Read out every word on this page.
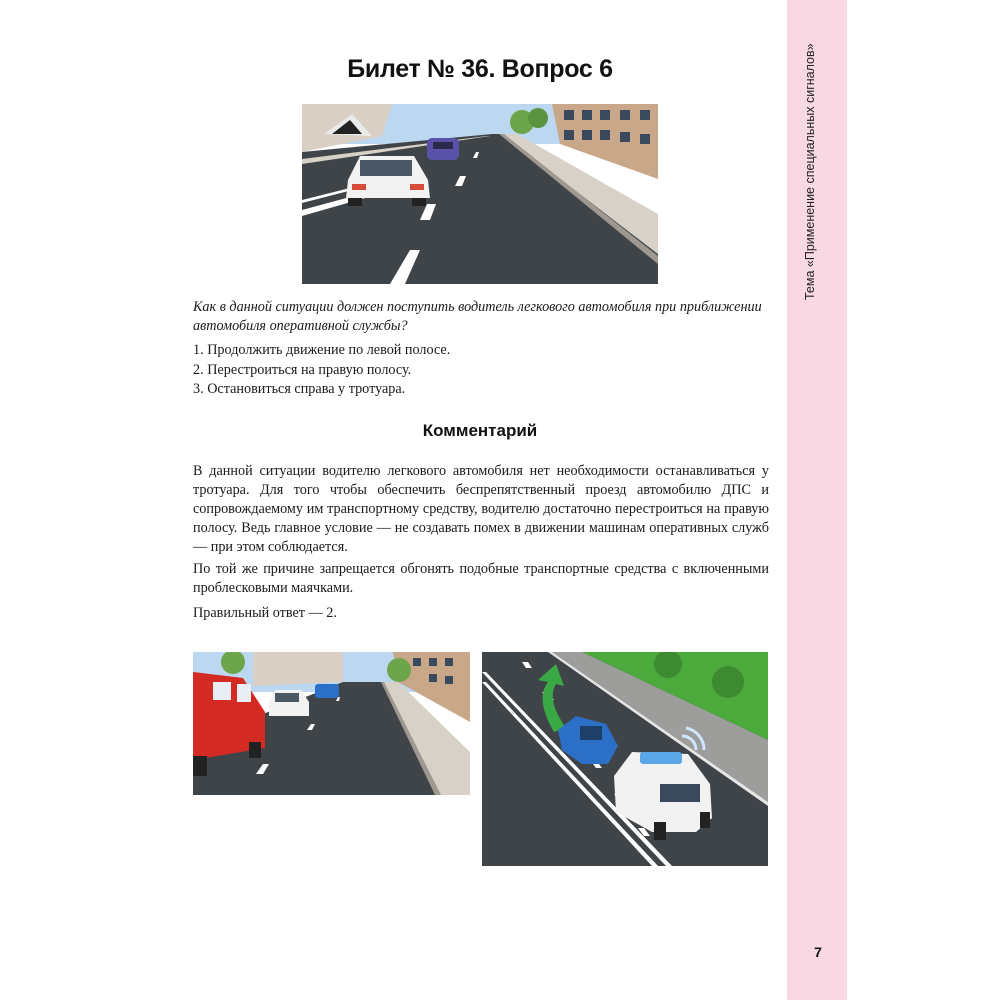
Тема «Применение специальных сигналов»
7
Билет № 36. Вопрос 6

Как в данной ситуации должен поступить водитель легкового автомобиля при приближении автомобиля оперативной службы?

1. Продолжить движение по левой полосе.
2. Перестроиться на правую полосу.
3. Остановиться справа у тротуара.
Комментарий

В данной ситуации водителю легкового автомобиля нет необходимости останавливаться у тротуара. Для того чтобы обеспечить беспрепятственный проезд автомобилю ДПС и сопровождаемому им транспортному средству, водителю достаточно перестроиться на правую полосу. Ведь главное условие — не создавать помех в движении машинам оперативных служб — при этом соблюдается.

По той же причине запрещается обгонять подобные транспортные средства с включенными проблесковыми маячками.

Правильный ответ — 2.
